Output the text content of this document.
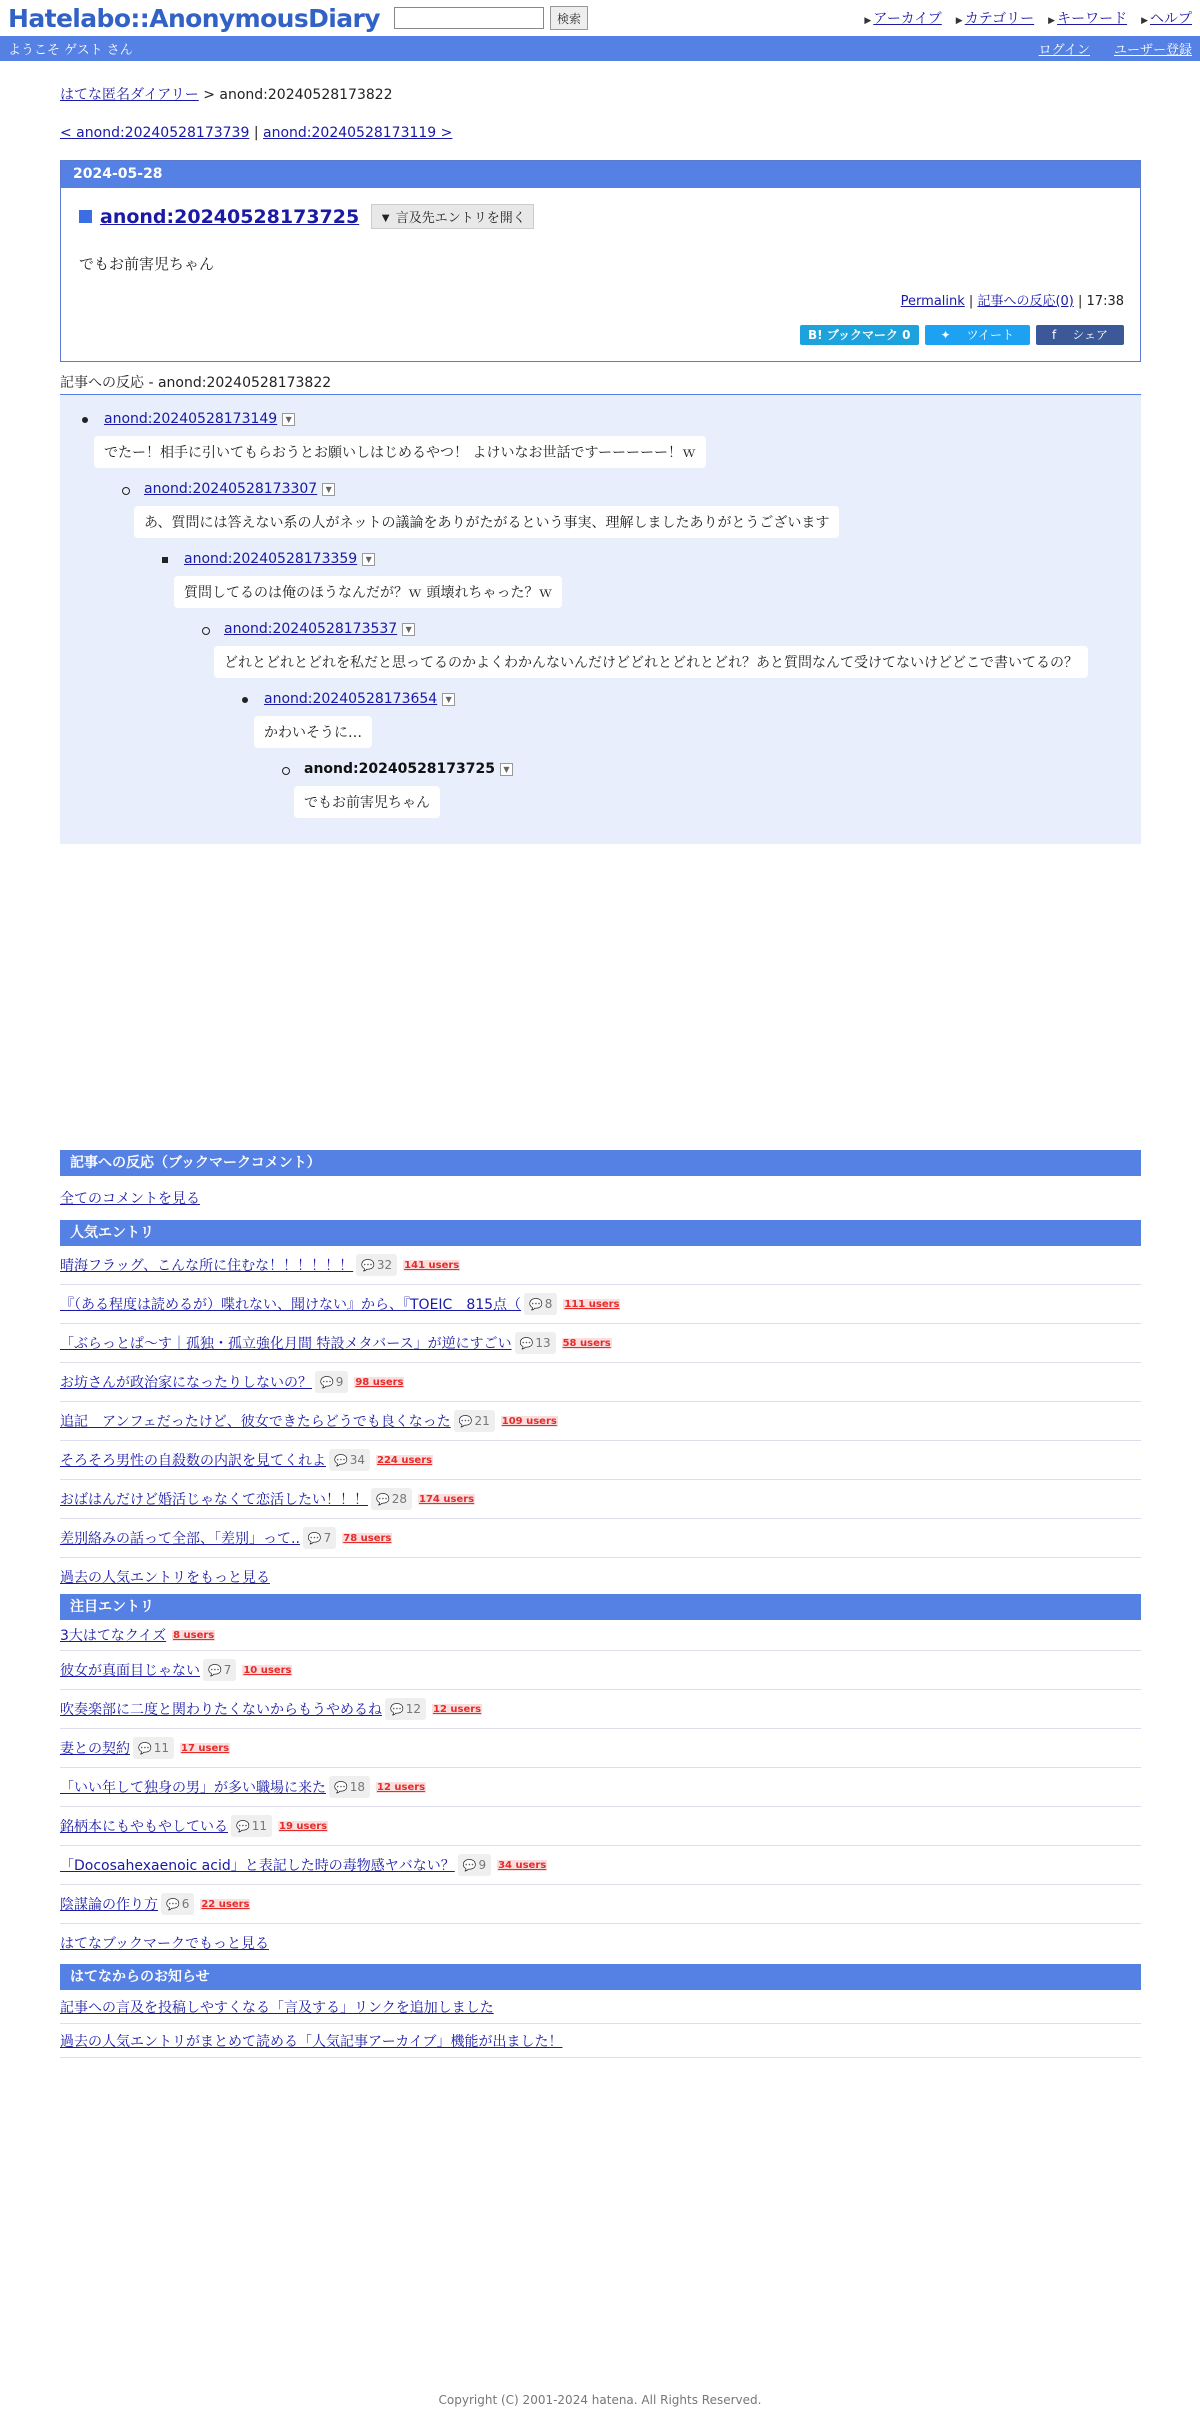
Hatelabo::AnonymousDiary	検索	▶ アーカイブ ▶ カテゴリー ▶ キーワード ▶ ヘルプ
ようこそ ゲスト さん	ログイン ユーザー登録
はてな匿名ダイアリー > anond:20240528173822
< anond:20240528173739 | anond:20240528173119 >
2024-05-28
anond:20240528173725	▼ 言及先エントリを開く
でもお前害児ちゃん
Permalink | 記事への反応(0) | 17:38
B! ブックマーク 0	✦ツイート	fシェア
記事への反応 - anond:20240528173822
anond:20240528173149 ▼
でたー！相手に引いてもらおうとお願いしはじめるやつ！ よけいなお世話ですーーーーー！ｗ
anond:20240528173307 ▼
あ、質問には答えない系の人がネットの議論をありがたがるという事実、理解しましたありがとうございます
anond:20240528173359 ▼
質問してるのは俺のほうなんだが？ｗ 頭壊れちゃった？ｗ
anond:20240528173537 ▼
どれとどれとどれを私だと思ってるのかよくわかんないんだけどどれとどれとどれ？あと質問なんて受けてないけどどこで書いてるの？
anond:20240528173654 ▼
かわいそうに…
anond:20240528173725 ▼
でもお前害児ちゃん
記事への反応（ブックマークコメント）
全てのコメントを見る
人気エントリ
晴海フラッグ、こんな所に住むな！！！！！！ 💬 32 141 users
『（ある程度は読めるが）喋れない、聞けない』から、『TOEIC　815点（ 💬 8 111 users
「ぶらっとぱ〜す｜孤独・孤立強化月間 特設メタバース」が逆にすごい 💬 13 58 users
お坊さんが政治家になったりしないの？ 💬 9 98 users
追記　アンフェだったけど、彼女できたらどうでも良くなった 💬 21 109 users
そろそろ男性の自殺数の内訳を見てくれよ 💬 34 224 users
おばはんだけど婚活じゃなくて恋活したい！！！ 💬 28 174 users
差別絡みの話って全部、「差別」って.. 💬 7 78 users
過去の人気エントリをもっと見る
注目エントリ
3大はてなクイズ 8 users
彼女が真面目じゃない 💬 7 10 users
吹奏楽部に二度と関わりたくないからもうやめるね 💬 12 12 users
妻との契約 💬 11 17 users
「いい年して独身の男」が多い職場に来た 💬 18 12 users
銘柄本にもやもやしている 💬 11 19 users
「Docosahexaenoic acid」と表記した時の毒物感ヤバない？ 💬 9 34 users
陰謀論の作り方 💬 6 22 users
はてなブックマークでもっと見る
はてなからのお知らせ
記事への言及を投稿しやすくなる「言及する」リンクを追加しました
過去の人気エントリがまとめて読める「人気記事アーカイブ」機能が出ました！
Copyright (C) 2001-2024 hatena. All Rights Reserved.
